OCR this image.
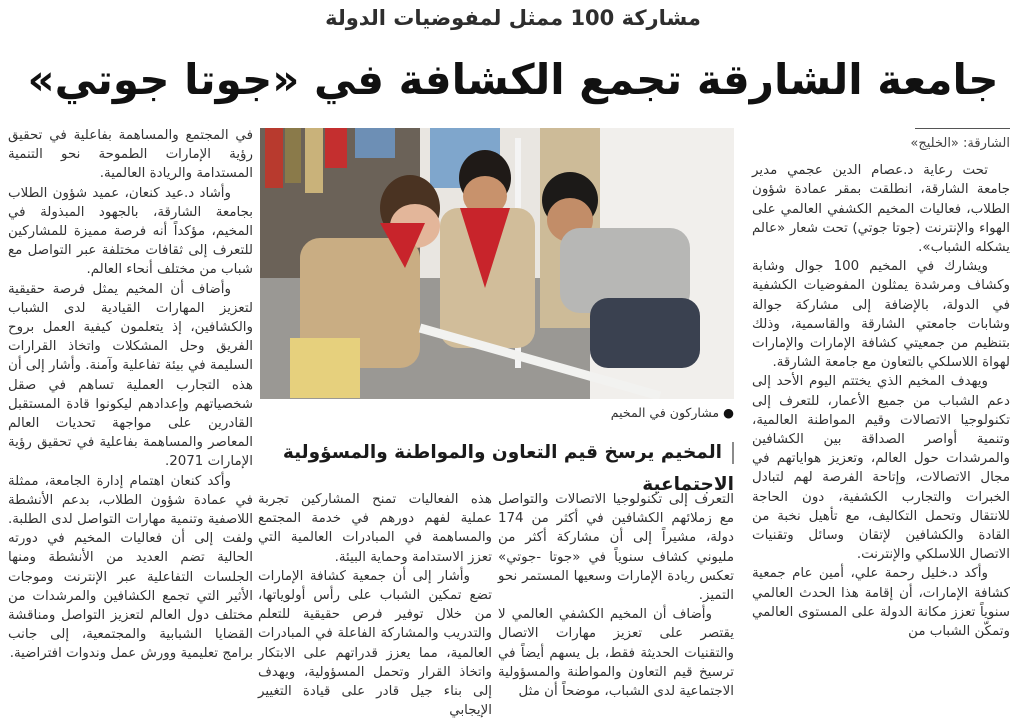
مشاركة 100 ممثل لمفوضيات الدولة
جامعة الشارقة تجمع الكشافة في «جوتا جوتي»
الشارقة: «الخليج»

تحت رعاية د.عصام الدين عجمي مدير جامعة الشارقة، انطلقت بمقر عمادة شؤون الطلاب، فعاليات المخيم الكشفي العالمي على الهواء والإنترنت (جوتا جوتي) تحت شعار «عالم يشكله الشباب».

ويشارك في المخيم 100 جوال وشابة وكشاف ومرشدة يمثلون المفوضيات الكشفية في الدولة، بالإضافة إلى مشاركة جوالة وشابات جامعتي الشارقة والقاسمية، وذلك بتنظيم من جمعيتي كشافة الإمارات والإمارات لهواة اللاسلكي بالتعاون مع جامعة الشارقة.

ويهدف المخيم الذي يختتم اليوم الأحد إلى دعم الشباب من جميع الأعمار، للتعرف إلى تكنولوجيا الاتصالات وقيم المواطنة العالمية، وتنمية أواصر الصداقة بين الكشافين والمرشدات حول العالم، وتعزيز هواياتهم في مجال الاتصالات، وإتاحة الفرصة لهم لتبادل الخبرات والتجارب الكشفية، دون الحاجة للانتقال وتحمل التكاليف، مع تأهيل نخبة من القادة والكشافين لإتقان وسائل وتقنيات الاتصال اللاسلكي والإنترنت.

وأكد د.خليل رحمة علي، أمين عام جمعية كشافة الإمارات، أن إقامة هذا الحدث العالمي سنوياً تعزز مكانة الدولة على المستوى العالمي وتمكّن الشباب من

●مشاركون في المخيم
المخيم يرسخ قيم التعاون والمواطنة والمسؤولية الاجتماعية

التعرف إلى تكنولوجيا الاتصالات والتواصل مع زملائهم الكشافين في أكثر من 174 دولة، مشيراً إلى أن مشاركة أكثر من مليوني كشاف سنوياً في «جوتا -جوتي» تعكس ريادة الإمارات وسعيها المستمر نحو التميز.

وأضاف أن المخيم الكشفي العالمي لا يقتصر على تعزيز مهارات الاتصال والتقنيات الحديثة فقط، بل يسهم أيضاً في ترسيخ قيم التعاون والمواطنة والمسؤولية الاجتماعية لدى الشباب، موضحاً أن مثل

هذه الفعاليات تمنح المشاركين تجربة عملية لفهم دورهم في خدمة المجتمع والمساهمة في المبادرات العالمية التي تعزز الاستدامة وحماية البيئة.

وأشار إلى أن جمعية كشافة الإمارات تضع تمكين الشباب على رأس أولوياتها، من خلال توفير فرص حقيقية للتعلم والتدريب والمشاركة الفاعلة في المبادرات العالمية، مما يعزز قدراتهم على الابتكار واتخاذ القرار وتحمل المسؤولية، ويهدف إلى بناء جيل قادر على قيادة التغيير الإيجابي

في المجتمع والمساهمة بفاعلية في تحقيق رؤية الإمارات الطموحة نحو التنمية المستدامة والريادة العالمية.

وأشاد د.عيد كنعان، عميد شؤون الطلاب بجامعة الشارقة، بالجهود المبذولة في المخيم، مؤكداً أنه فرصة مميزة للمشاركين للتعرف إلى ثقافات مختلفة عبر التواصل مع شباب من مختلف أنحاء العالم.

وأضاف أن المخيم يمثل فرصة حقيقية لتعزيز المهارات القيادية لدى الشباب والكشافين، إذ يتعلمون كيفية العمل بروح الفريق وحل المشكلات واتخاذ القرارات السليمة في بيئة تفاعلية وآمنة. وأشار إلى أن هذه التجارب العملية تساهم في صقل شخصياتهم وإعدادهم ليكونوا قادة المستقبل القادرين على مواجهة تحديات العالم المعاصر والمساهمة بفاعلية في تحقيق رؤية الإمارات 2071.

وأكد كنعان اهتمام إدارة الجامعة، ممثلة في عمادة شؤون الطلاب، بدعم الأنشطة اللاصفية وتنمية مهارات التواصل لدى الطلبة. ولفت إلى أن فعاليات المخيم في دورته الحالية تضم العديد من الأنشطة ومنها الجلسات التفاعلية عبر الإنترنت وموجات الأثير التي تجمع الكشافين والمرشدات من مختلف دول العالم لتعزيز التواصل ومناقشة القضايا الشبابية والمجتمعية، إلى جانب برامج تعليمية وورش عمل وندوات افتراضية.
